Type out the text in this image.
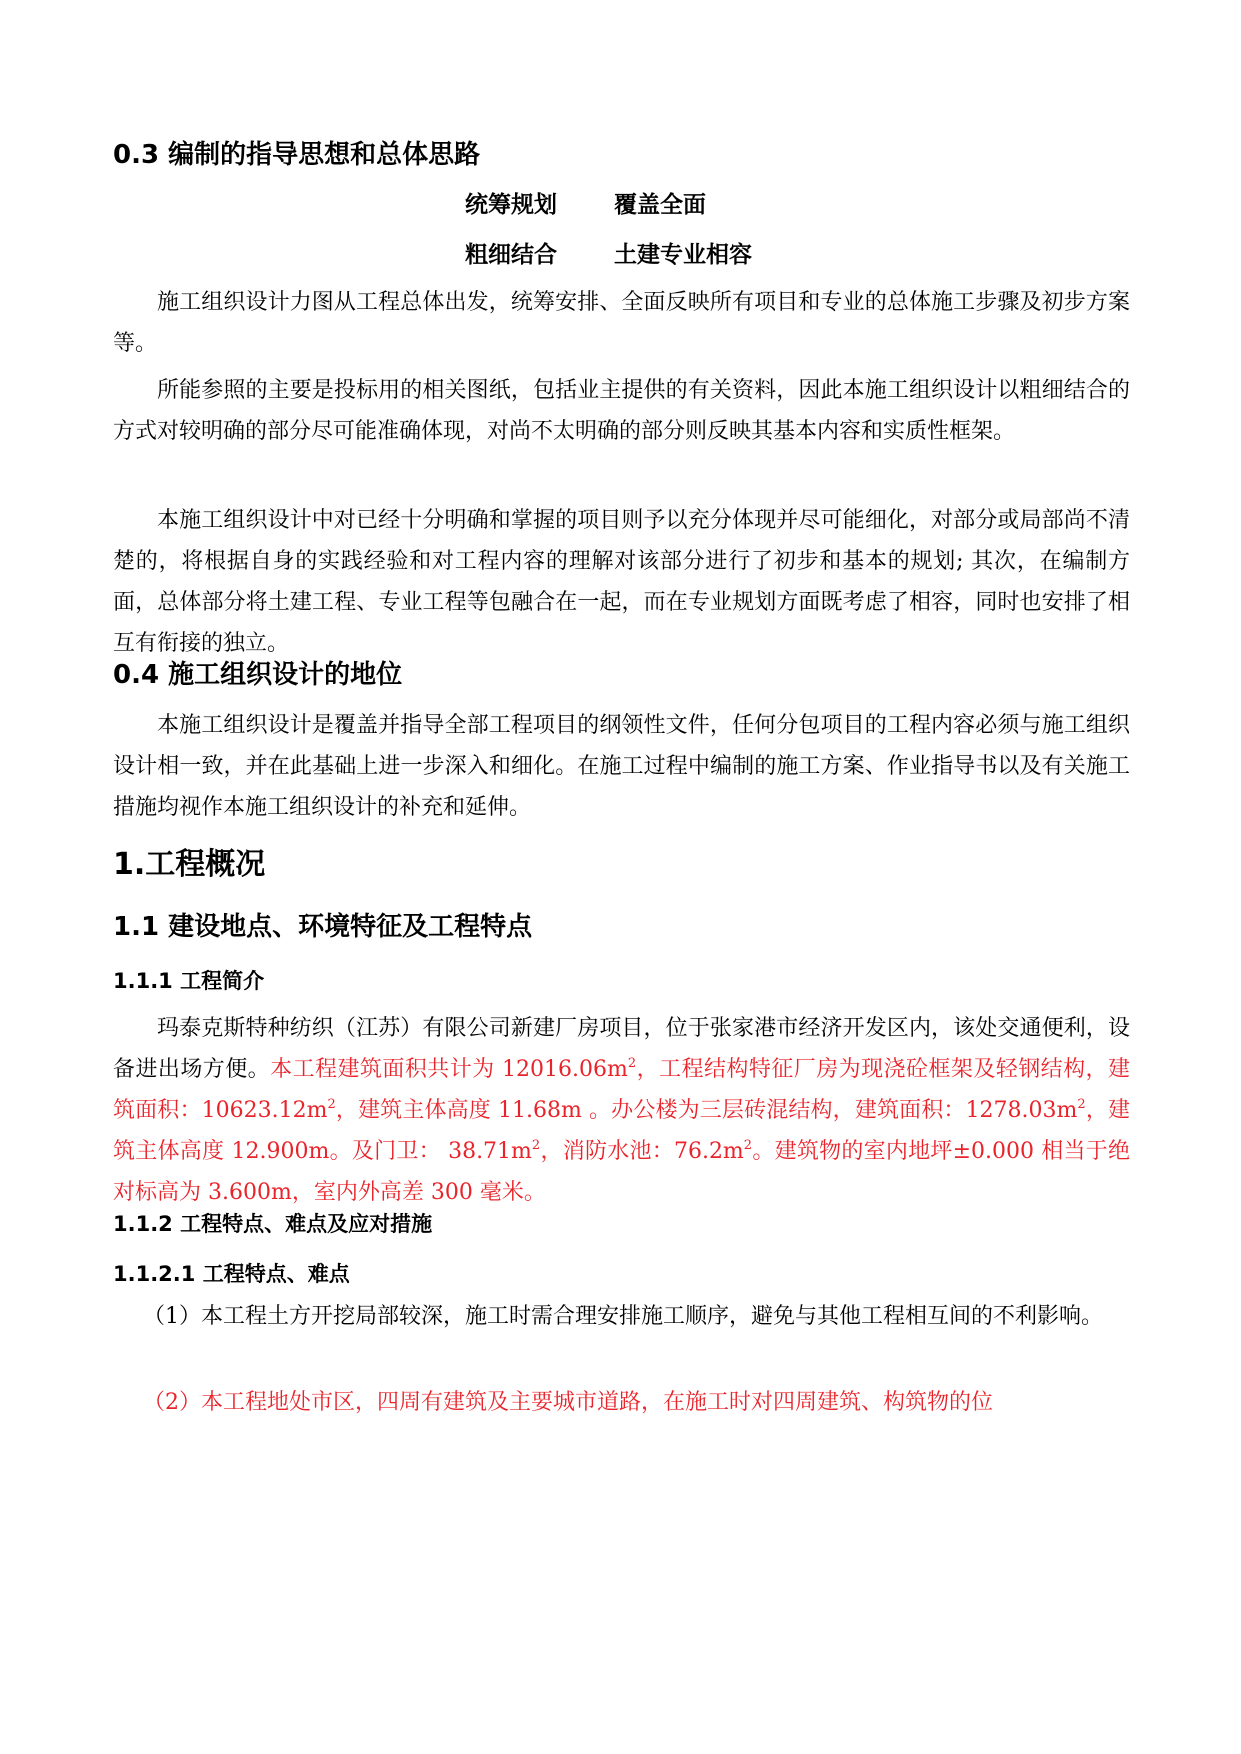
0.3 编制的指导思想和总体思路
统筹规划 覆盖全面
粗细结合 土建专业相容

施工组织设计力图从工程总体出发，统筹安排、全面反映所有项目和专业的总体施工步骤及初步方案等。

所能参照的主要是投标用的相关图纸，包括业主提供的有关资料，因此本施工组织设计以粗细结合的方式对较明确的部分尽可能准确体现，对尚不太明确的部分则反映其基本内容和实质性框架。

本施工组织设计中对已经十分明确和掌握的项目则予以充分体现并尽可能细化，对部分或局部尚不清楚的，将根据自身的实践经验和对工程内容的理解对该部分进行了初步和基本的规划; 其次，在编制方面，总体部分将土建工程、专业工程等包融合在一起，而在专业规划方面既考虑了相容，同时也安排了相互有衔接的独立。

0.4 施工组织设计的地位

本施工组织设计是覆盖并指导全部工程项目的纲领性文件，任何分包项目的工程内容必须与施工组织设计相一致，并在此基础上进一步深入和细化。在施工过程中编制的施工方案、作业指导书以及有关施工措施均视作本施工组织设计的补充和延伸。

1.工程概况
1.1 建设地点、环境特征及工程特点
1.1.1 工程简介

玛泰克斯特种纺织（江苏）有限公司新建厂房项目，位于张家港市经济开发区内，该处交通便利，设备进出场方便。本工程建筑面积共计为 $12016.06m^2$，工程结构特征厂房为现浇砼框架及轻钢结构，建筑面积：$10623.12m^2$，建筑主体高度 11.68m 。办公楼为三层砖混结构，建筑面积：$1278.03m^2$，建筑主体高度 12.900m。及门卫： $38.71m^2$，消防水池：$76.2m^2$。建筑物的室内地坪±0.000 相当于绝对标高为 3.600m，室内外高差 300 毫米。

1.1.2 工程特点、难点及应对措施
1.1.2.1 工程特点、难点

（1）本工程土方开挖局部较深，施工时需合理安排施工顺序，避免与其他工程相互间的不利影响。

（2）本工程地处市区，四周有建筑及主要城市道路，在施工时对四周建筑、构筑物的位
